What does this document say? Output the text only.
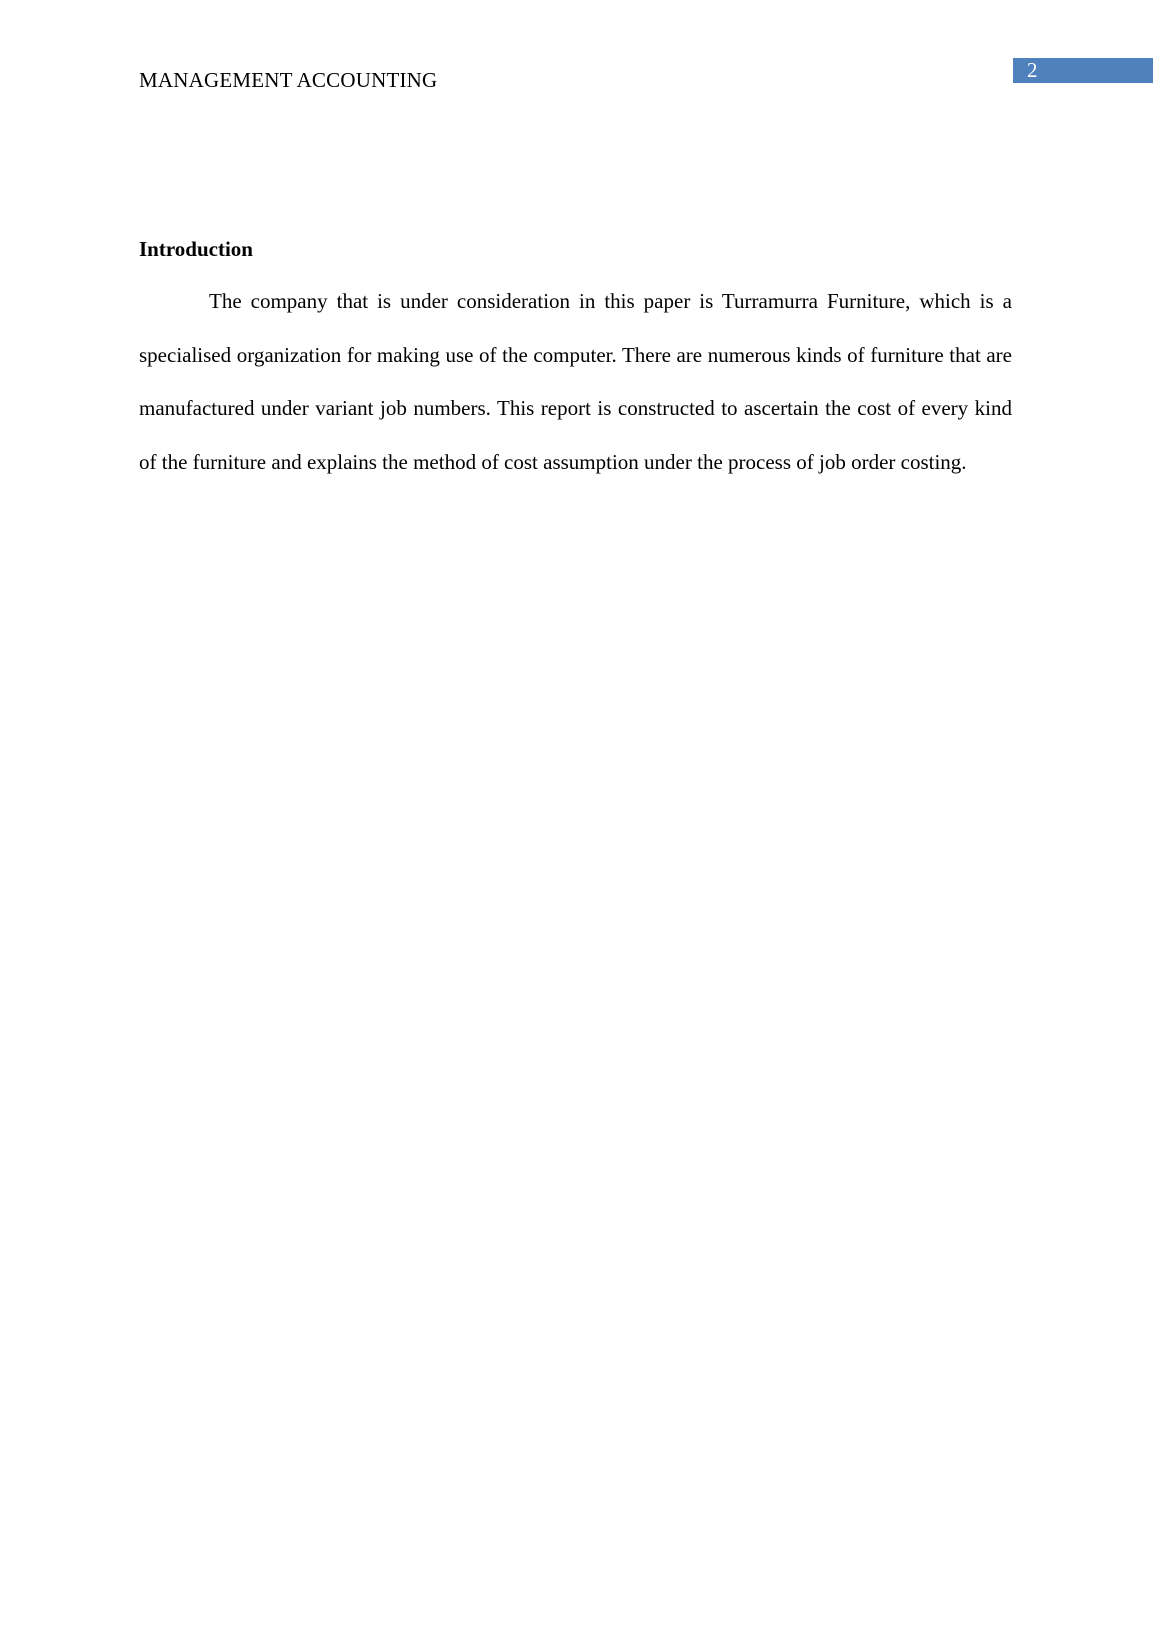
MANAGEMENT ACCOUNTING	2
Introduction

The company that is under consideration in this paper is Turramurra Furniture, which is a specialised organization for making use of the computer. There are numerous kinds of furniture that are manufactured under variant job numbers. This report is constructed to ascertain the cost of every kind of the furniture and explains the method of cost assumption under the process of job order costing.
